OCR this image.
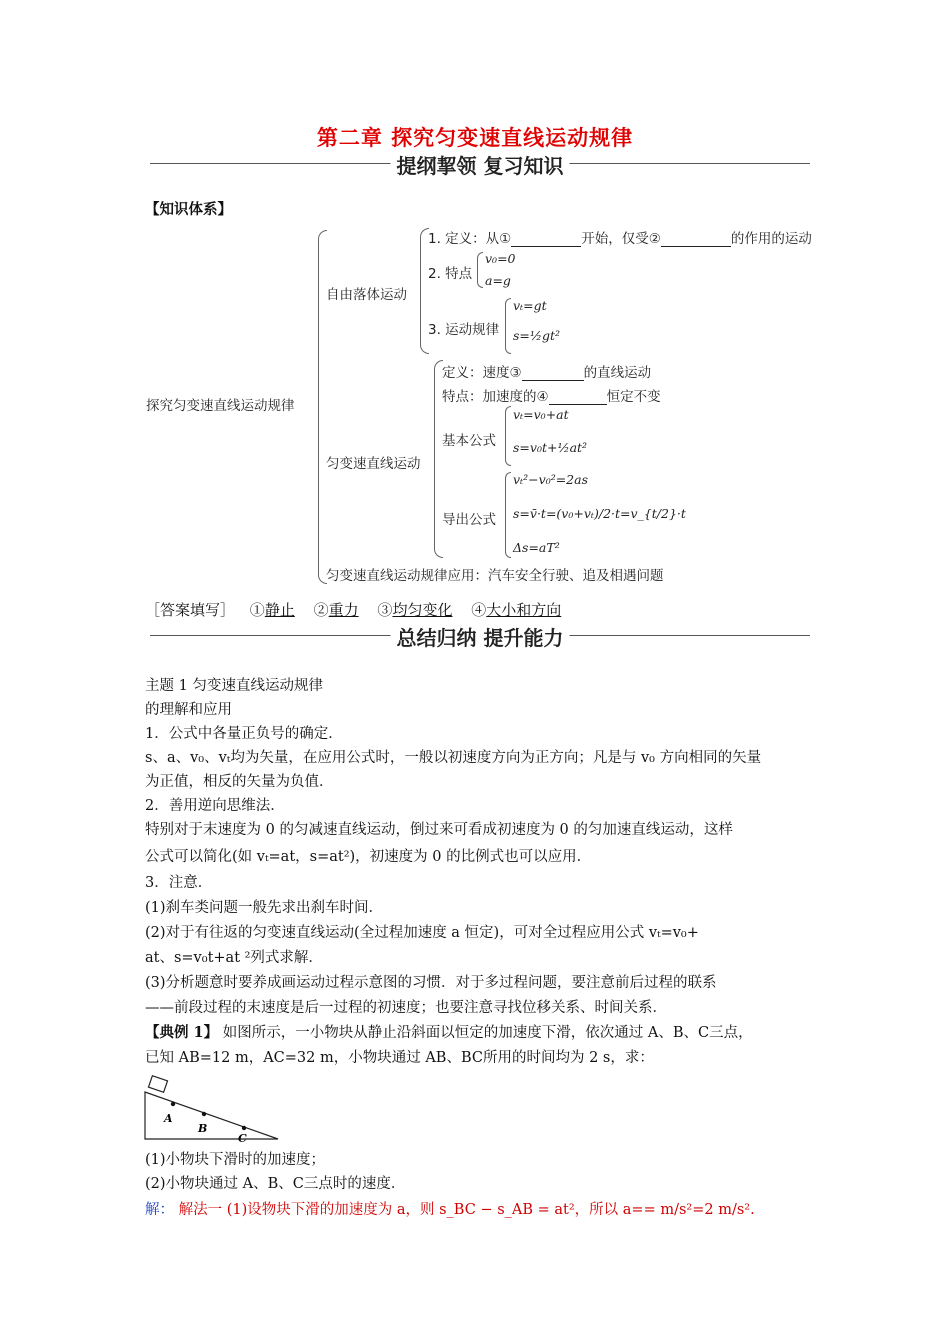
第二章 探究匀变速直线运动规律
提纲挈领 复习知识
【知识体系】
探究匀变速直线运动规律
自由落体运动
1. 定义：从①	开始，仅受②	的作用的运动
2. 特点
v₀=0
a=g
3. 运动规律
vₜ=gt
s=½gt²
匀变速直线运动
定义：速度③	的直线运动
特点：加速度的④	恒定不变
基本公式
vₜ=v₀+at
s=v₀t+½at²
导出公式
vₜ²−v₀²=2as
s=v̄·t=(v₀+vₜ)/2·t=v_{t/2}·t
Δs=aT²
匀变速直线运动规律应用：汽车安全行驶、追及相遇问题
［答案填写］ ①静止 ②重力 ③均匀变化 ④大小和方向
总结归纳 提升能力
主题 1 匀变速直线运动规律
的理解和应用
1．公式中各量正负号的确定．
s、a、v₀、vₜ均为矢量，在应用公式时，一般以初速度方向为正方向；凡是与 v₀ 方向相同的矢量
为正值，相反的矢量为负值．
2．善用逆向思维法．
特别对于末速度为 0 的匀减速直线运动，倒过来可看成初速度为 0 的匀加速直线运动，这样
公式可以简化(如 vₜ=at，s=at²)，初速度为 0 的比例式也可以应用．
3．注意．
(1)刹车类问题一般先求出刹车时间．
(2)对于有往返的匀变速直线运动(全过程加速度 a 恒定)，可对全过程应用公式 vₜ=v₀+
at、s=v₀t+at ²列式求解．
(3)分析题意时要养成画运动过程示意图的习惯．对于多过程问题，要注意前后过程的联系
——前段过程的末速度是后一过程的初速度；也要注意寻找位移关系、时间关系．
【典例 1】 如图所示，一小物块从静止沿斜面以恒定的加速度下滑，依次通过 A、B、C三点，
已知 AB=12 m，AC=32 m，小物块通过 AB、BC所用的时间均为 2 s，求：
A
B
C
(1)小物块下滑时的加速度；
(2)小物块通过 A、B、C三点时的速度．
解： 解法一 (1)设物块下滑的加速度为 a，则 s_BC − s_AB = at²，所以 a== m/s²=2 m/s².
